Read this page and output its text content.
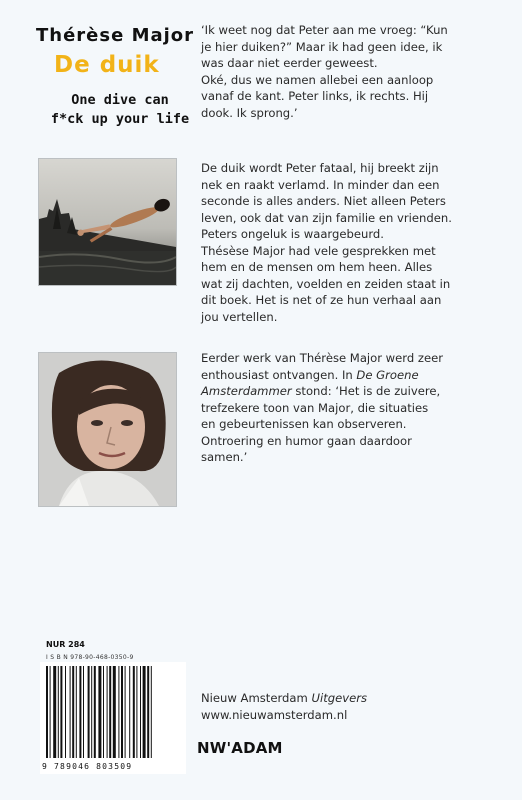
Thérèse Major
De duik
One dive can
f*ck up your life

‘Ik weet nog dat Peter aan me vroeg: “Kun

je hier duiken?” Maar ik had geen idee, ik

was daar niet eerder geweest.

Oké, dus we namen allebei een aanloop

vanaf de kant. Peter links, ik rechts. Hij

dook. Ik sprong.’

De duik wordt Peter fataal, hij breekt zijn

nek en raakt verlamd. In minder dan een

seconde is alles anders. Niet alleen Peters

leven, ook dat van zijn familie en vrienden.

Peters ongeluk is waargebeurd.

Thésèse Major had vele gesprekken met

hem en de mensen om hem heen. Alles

wat zij dachten, voelden en zeiden staat in

dit boek. Het is net of ze hun verhaal aan

jou vertellen.

Eerder werk van Thérèse Major werd zeer

enthousiast ontvangen. In De Groene

Amsterdammer stond: ‘Het is de zuivere,

trefzekere toon van Major, die situaties

en gebeurtenissen kan observeren.

Ontroering en humor gaan daardoor

samen.’

NUR 284
I S B N 978-90-468-0350-9
9 789046 803509
Nieuw Amsterdam Uitgevers
www.nieuwamsterdam.nl
NW'ADAM
